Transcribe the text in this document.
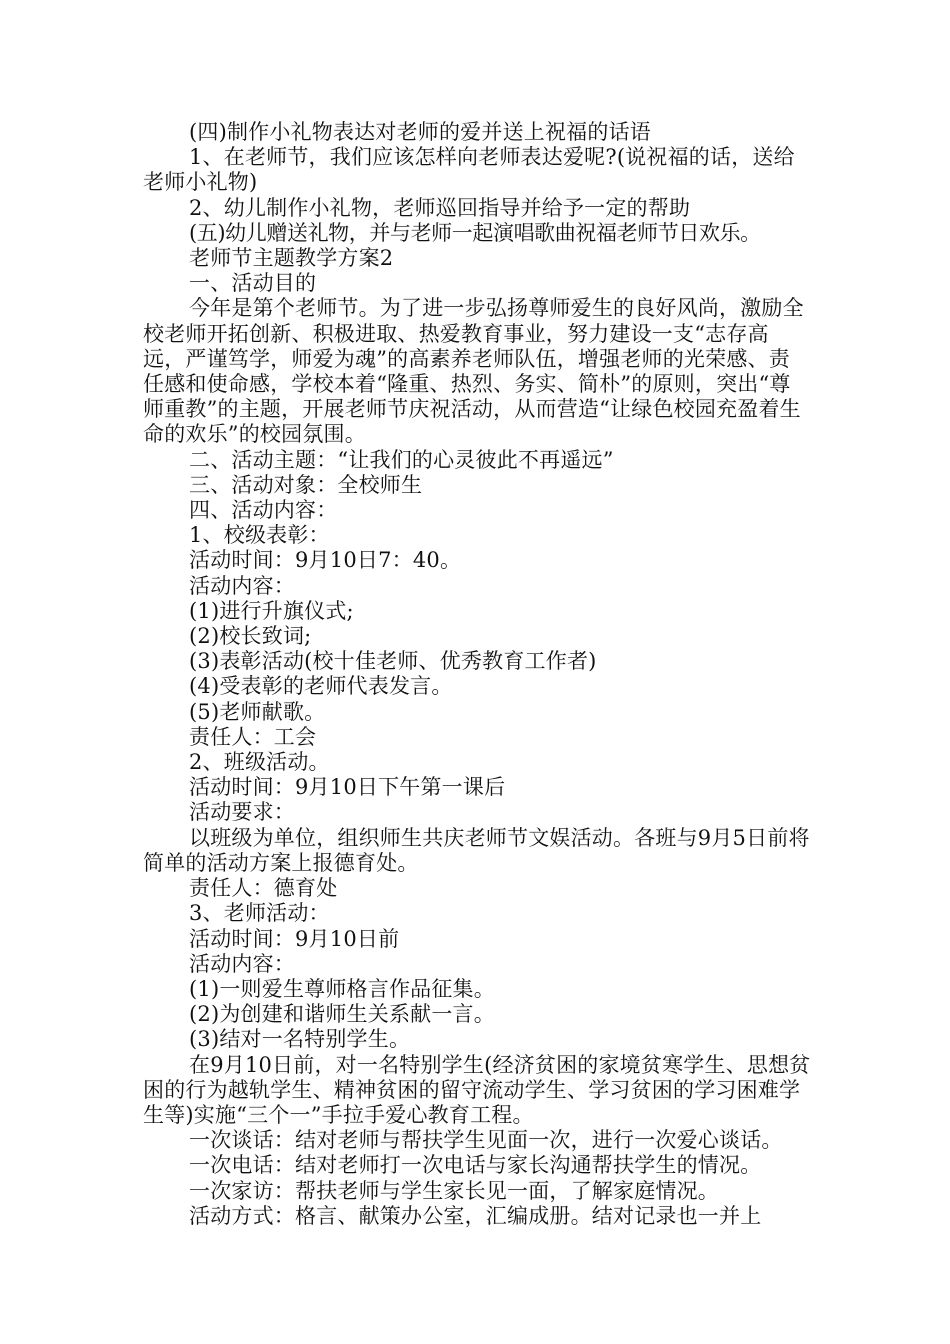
(四)制作小礼物表达对老师的爱并送上祝福的话语

1、在老师节，我们应该怎样向老师表达爱呢?(说祝福的话，送给老师小礼物)

2、幼儿制作小礼物，老师巡回指导并给予一定的帮助

(五)幼儿赠送礼物，并与老师一起演唱歌曲祝福老师节日欢乐。

老师节主题教学方案2

一、活动目的

今年是第个老师节。为了进一步弘扬尊师爱生的良好风尚，激励全校老师开拓创新、积极进取、热爱教育事业，努力建设一支“志存高远，严谨笃学，师爱为魂”的高素养老师队伍，增强老师的光荣感、责任感和使命感，学校本着“隆重、热烈、务实、简朴”的原则，突出“尊师重教”的主题，开展老师节庆祝活动，从而营造“让绿色校园充盈着生命的欢乐”的校园氛围。

二、活动主题：“让我们的心灵彼此不再遥远”

三、活动对象：全校师生

四、活动内容：

1、校级表彰：

活动时间：9月10日7：40。

活动内容：

(1)进行升旗仪式;

(2)校长致词;

(3)表彰活动(校十佳老师、优秀教育工作者)

(4)受表彰的老师代表发言。

(5)老师献歌。

责任人：工会

2、班级活动。

活动时间：9月10日下午第一课后

活动要求：

以班级为单位，组织师生共庆老师节文娱活动。各班与9月5日前将简单的活动方案上报德育处。

责任人：德育处

3、老师活动：

活动时间：9月10日前

活动内容：

(1)一则爱生尊师格言作品征集。

(2)为创建和谐师生关系献一言。

(3)结对一名特别学生。

在9月10日前，对一名特别学生(经济贫困的家境贫寒学生、思想贫困的行为越轨学生、精神贫困的留守流动学生、学习贫困的学习困难学生等)实施“三个一”手拉手爱心教育工程。

一次谈话：结对老师与帮扶学生见面一次，进行一次爱心谈话。

一次电话：结对老师打一次电话与家长沟通帮扶学生的情况。

一次家访：帮扶老师与学生家长见一面，了解家庭情况。

活动方式：格言、献策办公室，汇编成册。结对记录也一并上
